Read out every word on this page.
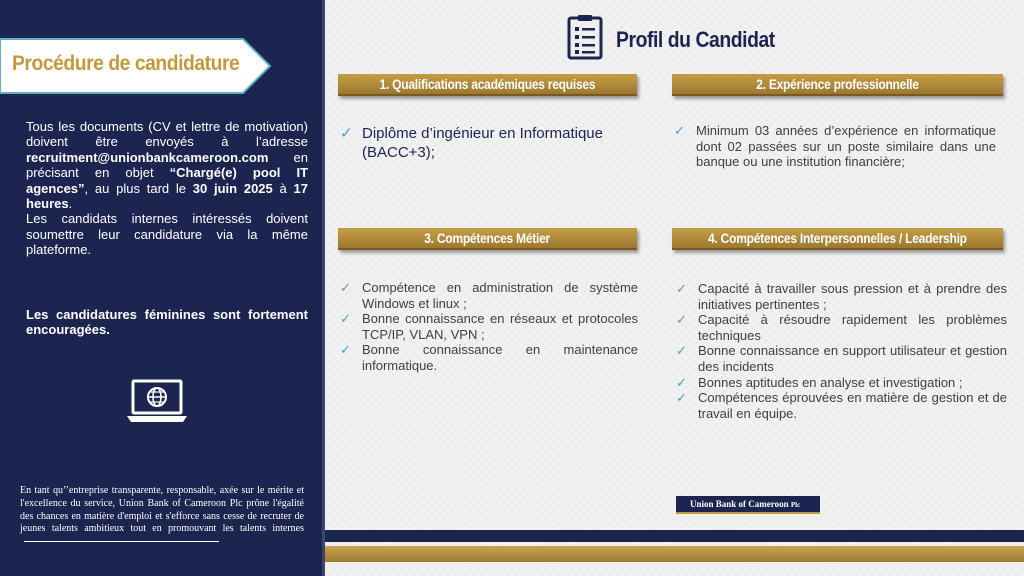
Procédure de candidature

Tous les documents (CV et lettre de motivation) doivent être envoyés à l’adresse recruitment@unionbankcameroon.com en précisant en objet “Chargé(e) pool IT agences”, au plus tard le 30 juin 2025 à 17 heures.

Les candidats internes intéressés doivent soumettre leur candidature via la même plateforme.

Les candidatures féminines sont fortement encouragées.
En tant qu’’entreprise transparente, responsable, axée sur le mérite et l'excellence du service, Union Bank of Cameroon Plc prône l'égalité des chances en matière d'emploi et s'efforce sans cesse de recruter de jeunes talents ambitieux tout en promouvant les talents internes
Profil du Candidat
1. Qualifications académiques requises	2. Expérience professionnelle
3. Compétences Métier	4. Compétences Interpersonnelles / Leadership
✓ Diplôme d’ingénieur en Informatique (BACC+3);
✓ Minimum 03 années d’expérience en informatique dont 02 passées sur un poste similaire dans une banque ou une institution financière;
✓ Compétence en administration de système Windows et linux ;
✓ Bonne connaissance en réseaux et protocoles TCP/IP, VLAN, VPN ;
✓ Bonne connaissance en maintenance informatique.
✓ Capacité à travailler sous pression et à prendre des initiatives pertinentes ;
✓ Capacité à résoudre rapidement les problèmes techniques
✓ Bonne connaissance en support utilisateur et gestion des incidents
✓ Bonnes aptitudes en analyse et investigation ;
✓ Compétences éprouvées en matière de gestion et de travail en équipe.
Union Bank of Cameroon Plc
